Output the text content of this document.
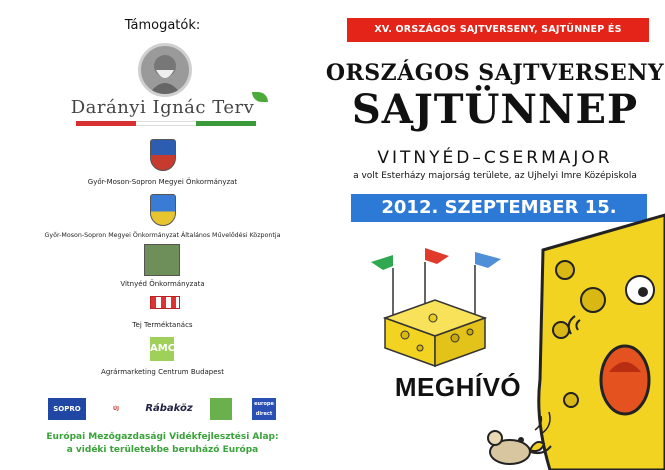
Támogatók:
Darányi Ignác Terv
Győr-Moson-Sopron Megyei Önkormányzat
Győr-Moson-Sopron Megyei Önkormányzat Általános Művelődési Központja
Vitnyéd Önkormányzata
Tej Terméktanács
AMC
Agrármarketing Centrum Budapest
SOPRO	ÚJ	Rábaköz	europe direct
Európai Mezőgazdasági Vidékfejlesztési Alap:
a vidéki területekbe beruházó Európa
XV. ORSZÁGOS SAJTVERSENY, SAJTÜNNEP ÉS SAJTVÁSÁR
ORSZÁGOS SAJTVERSENY
SAJTÜNNEP
VITNYÉD–CSERMAJOR
a volt Esterházy majorság területe, az Ujhelyi Imre Középiskola
2012. SZEPTEMBER 15.
MEGHÍVÓ
